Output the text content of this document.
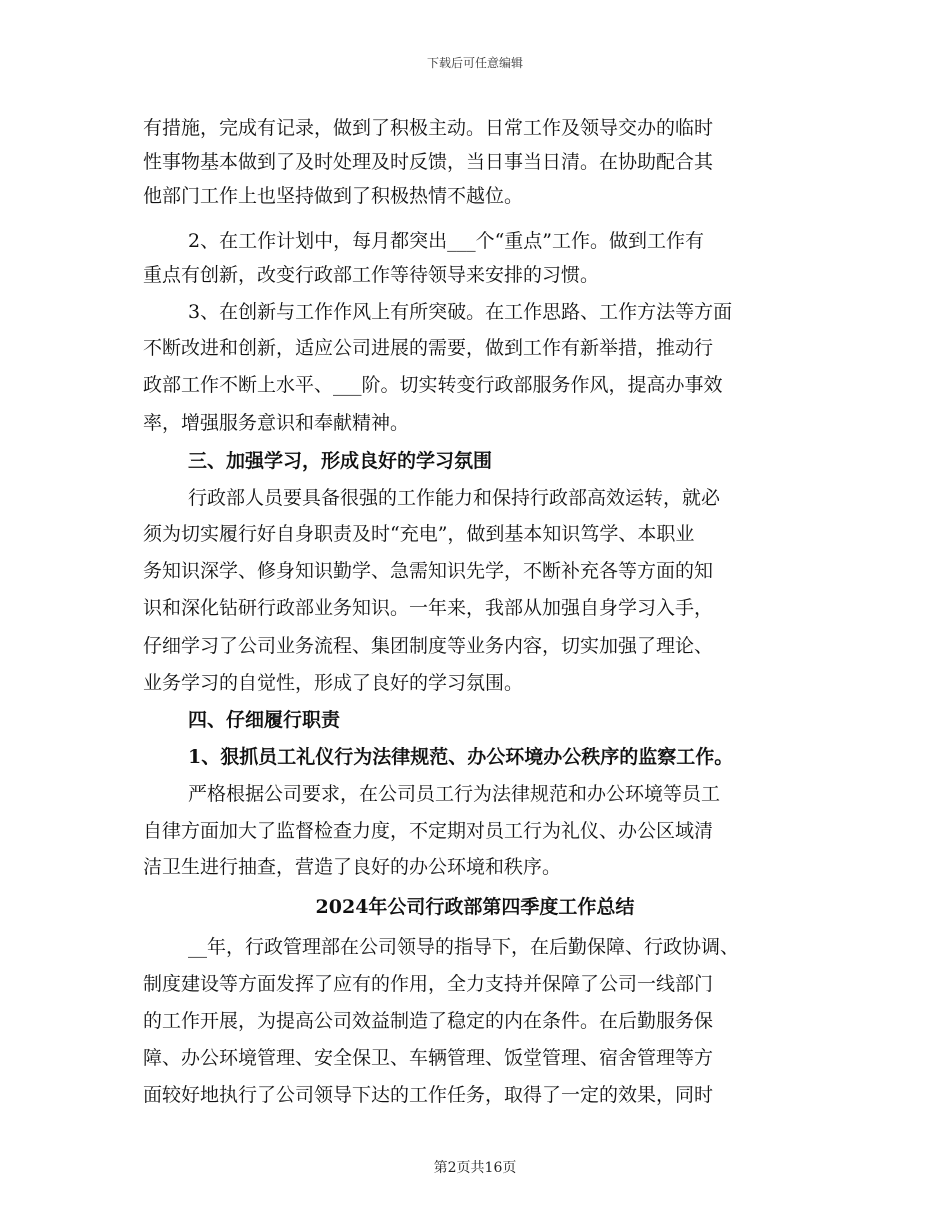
下载后可任意编辑
有措施，完成有记录，做到了积极主动。日常工作及领导交办的临时
性事物基本做到了及时处理及时反馈，当日事当日清。在协助配合其
他部门工作上也坚持做到了积极热情不越位。
2、在工作计划中，每月都突出___个“重点”工作。做到工作有
重点有创新，改变行政部工作等待领导来安排的习惯。
3、在创新与工作作风上有所突破。在工作思路、工作方法等方面
不断改进和创新，适应公司进展的需要，做到工作有新举措，推动行
政部工作不断上水平、___阶。切实转变行政部服务作风，提高办事效
率，增强服务意识和奉献精神。
三、加强学习，形成良好的学习氛围
行政部人员要具备很强的工作能力和保持行政部高效运转，就必
须为切实履行好自身职责及时“充电”，做到基本知识笃学、本职业
务知识深学、修身知识勤学、急需知识先学，不断补充各等方面的知
识和深化钻研行政部业务知识。一年来，我部从加强自身学习入手，
仔细学习了公司业务流程、集团制度等业务内容，切实加强了理论、
业务学习的自觉性，形成了良好的学习氛围。
四、仔细履行职责
1、狠抓员工礼仪行为法律规范、办公环境办公秩序的监察工作。
严格根据公司要求，在公司员工行为法律规范和办公环境等员工
自律方面加大了监督检查力度，不定期对员工行为礼仪、办公区域清
洁卫生进行抽查，营造了良好的办公环境和秩序。
2024年公司行政部第四季度工作总结
__年，行政管理部在公司领导的指导下，在后勤保障、行政协调、
制度建设等方面发挥了应有的作用，全力支持并保障了公司一线部门
的工作开展，为提高公司效益制造了稳定的内在条件。在后勤服务保
障、办公环境管理、安全保卫、车辆管理、饭堂管理、宿舍管理等方
面较好地执行了公司领导下达的工作任务，取得了一定的效果，同时
第2页共16页
